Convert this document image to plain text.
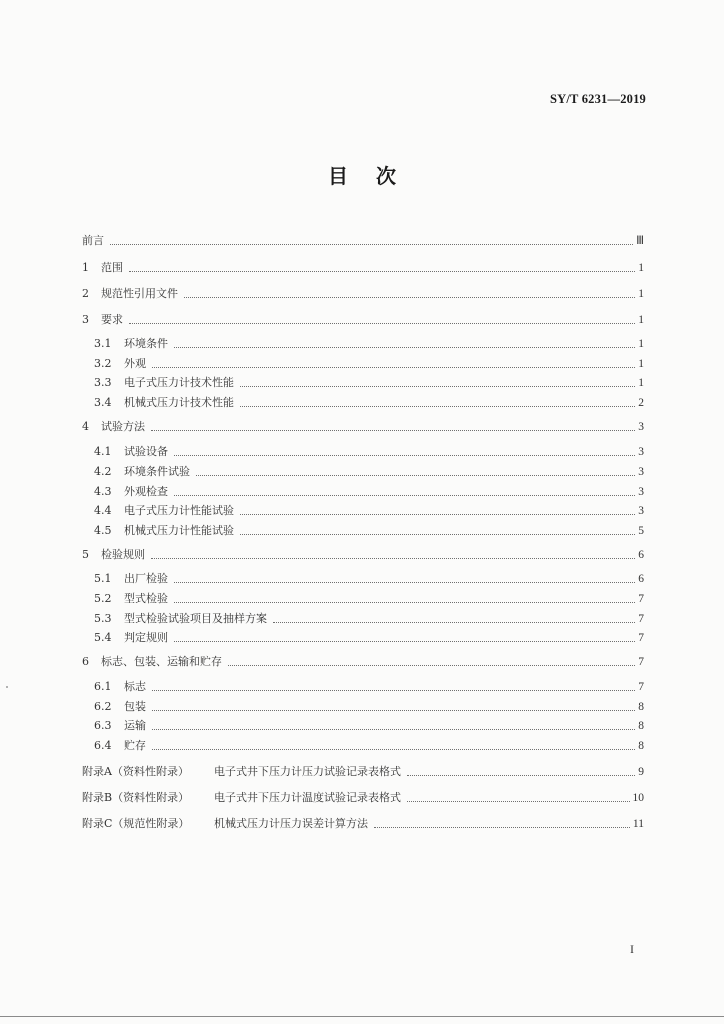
SY/T 6231—2019
目次
前言	Ⅲ
1	范围	1
2	规范性引用文件	1
3	要求	1
3.1	环境条件	1
3.2	外观	1
3.3	电子式压力计技术性能	1
3.4	机械式压力计技术性能	2
4	试验方法	3
4.1	试验设备	3
4.2	环境条件试验	3
4.3	外观检查	3
4.4	电子式压力计性能试验	3
4.5	机械式压力计性能试验	5
5	检验规则	6
5.1	出厂检验	6
5.2	型式检验	7
5.3	型式检验试验项目及抽样方案	7
5.4	判定规则	7
6	标志、包装、运输和贮存	7
6.1	标志	7
6.2	包装	8
6.3	运输	8
6.4	贮存	8
附录A（资料性附录）	电子式井下压力计压力试验记录表格式	9
附录B（资料性附录）	电子式井下压力计温度试验记录表格式	10
附录C（规范性附录）	机械式压力计压力误差计算方法	11
I
